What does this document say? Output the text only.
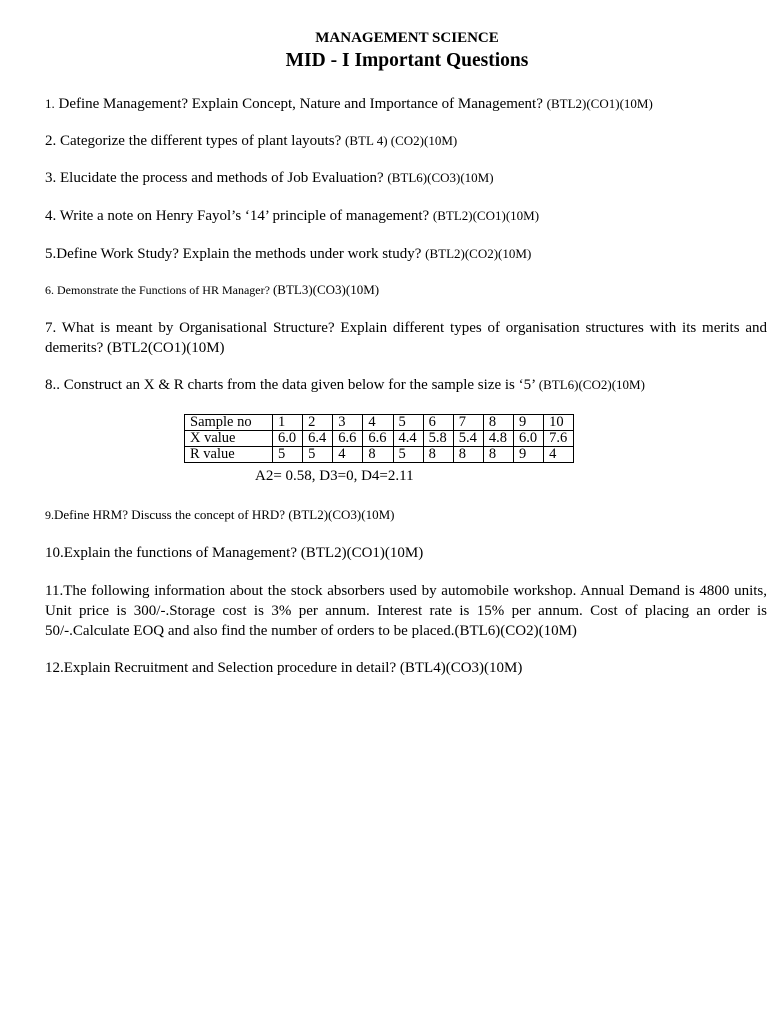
MANAGEMENT SCIENCE
MID - I Important Questions
1. Define Management? Explain Concept, Nature and Importance of Management? (BTL2)(CO1)(10M)
2. Categorize the different types of plant layouts? (BTL 4) (CO2)(10M)
3. Elucidate the process and methods of Job Evaluation? (BTL6)(CO3)(10M)
4. Write a note on Henry Fayol’s ‘14’ principle of management? (BTL2)(CO1)(10M)
5.Define Work Study? Explain the methods under work study? (BTL2)(CO2)(10M)
6. Demonstrate the Functions of HR Manager? (BTL3)(CO3)(10M)
7. What is meant by Organisational Structure? Explain different types of organisation structures with its merits and demerits? (BTL2(CO1)(10M)
8.. Construct an X & R charts from the data given below for the sample size is ‘5’ (BTL6)(CO2)(10M)
Sample no	1	2	3	4	5	6	7	8	9	10
X value	6.0	6.4	6.6	6.6	4.4	5.8	5.4	4.8	6.0	7.6
R value	5	5	4	8	5	8	8	8	9	4
A2= 0.58, D3=0, D4=2.11
9.Define HRM? Discuss the concept of HRD? (BTL2)(CO3)(10M)
10.Explain the functions of Management? (BTL2)(CO1)(10M)
11.The following information about the stock absorbers used by automobile workshop. Annual Demand is 4800 units, Unit price is 300/-.Storage cost is 3% per annum. Interest rate is 15% per annum. Cost of placing an order is 50/-.Calculate EOQ and also find the number of orders to be placed.(BTL6)(CO2)(10M)
12.Explain Recruitment and Selection procedure in detail? (BTL4)(CO3)(10M)
